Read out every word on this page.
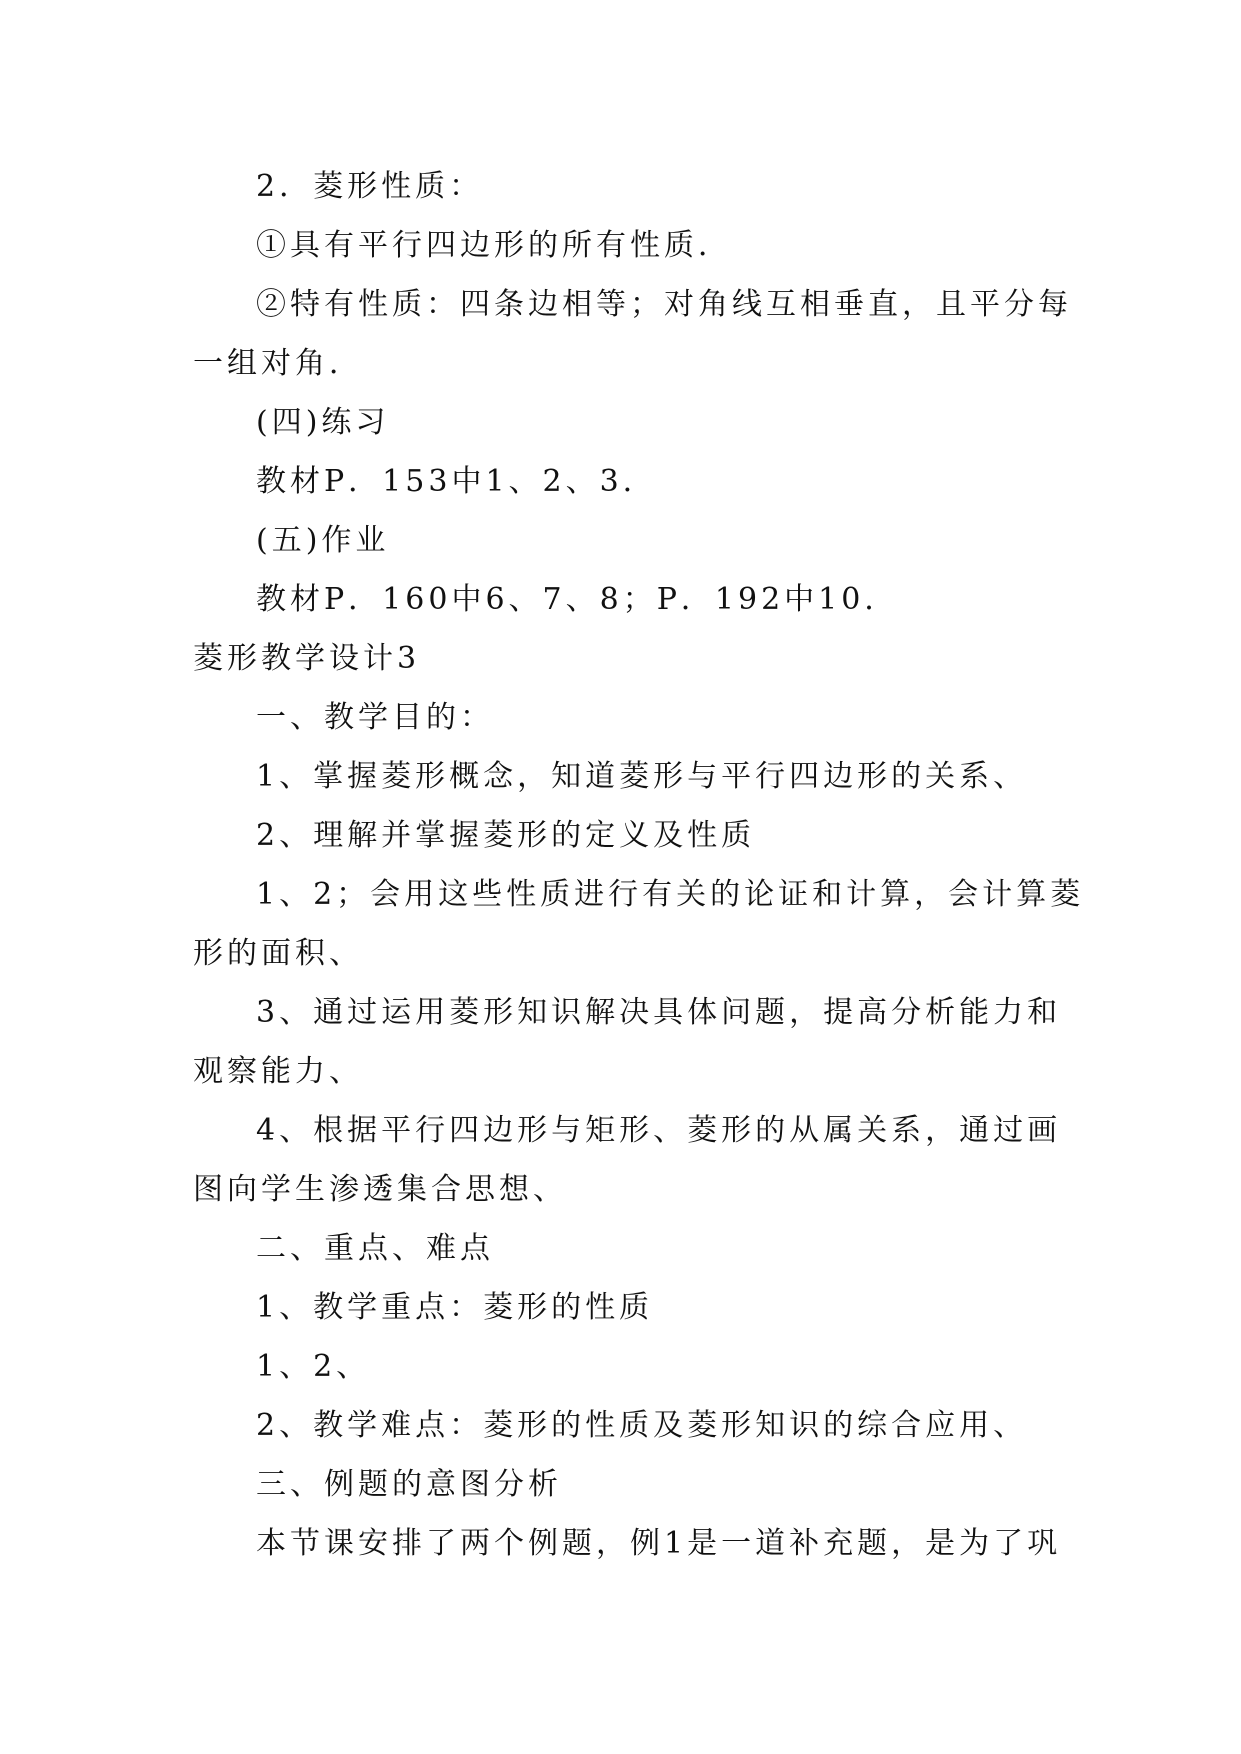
2．菱形性质：
①具有平行四边形的所有性质．
②特有性质：四条边相等；对角线互相垂直，且平分每
一组对角．
(四)练习
教材P．153中1、2、3．
(五)作业
教材P．160中6、7、8；P．192中10．
菱形教学设计3
一、教学目的：
1、掌握菱形概念，知道菱形与平行四边形的关系、
2、理解并掌握菱形的定义及性质
1、2；会用这些性质进行有关的论证和计算，会计算菱
形的面积、
3、通过运用菱形知识解决具体问题，提高分析能力和
观察能力、
4、根据平行四边形与矩形、菱形的从属关系，通过画
图向学生渗透集合思想、
二、重点、难点
1、教学重点：菱形的性质
1、2、
2、教学难点：菱形的性质及菱形知识的综合应用、
三、例题的意图分析
本节课安排了两个例题，例1是一道补充题，是为了巩
